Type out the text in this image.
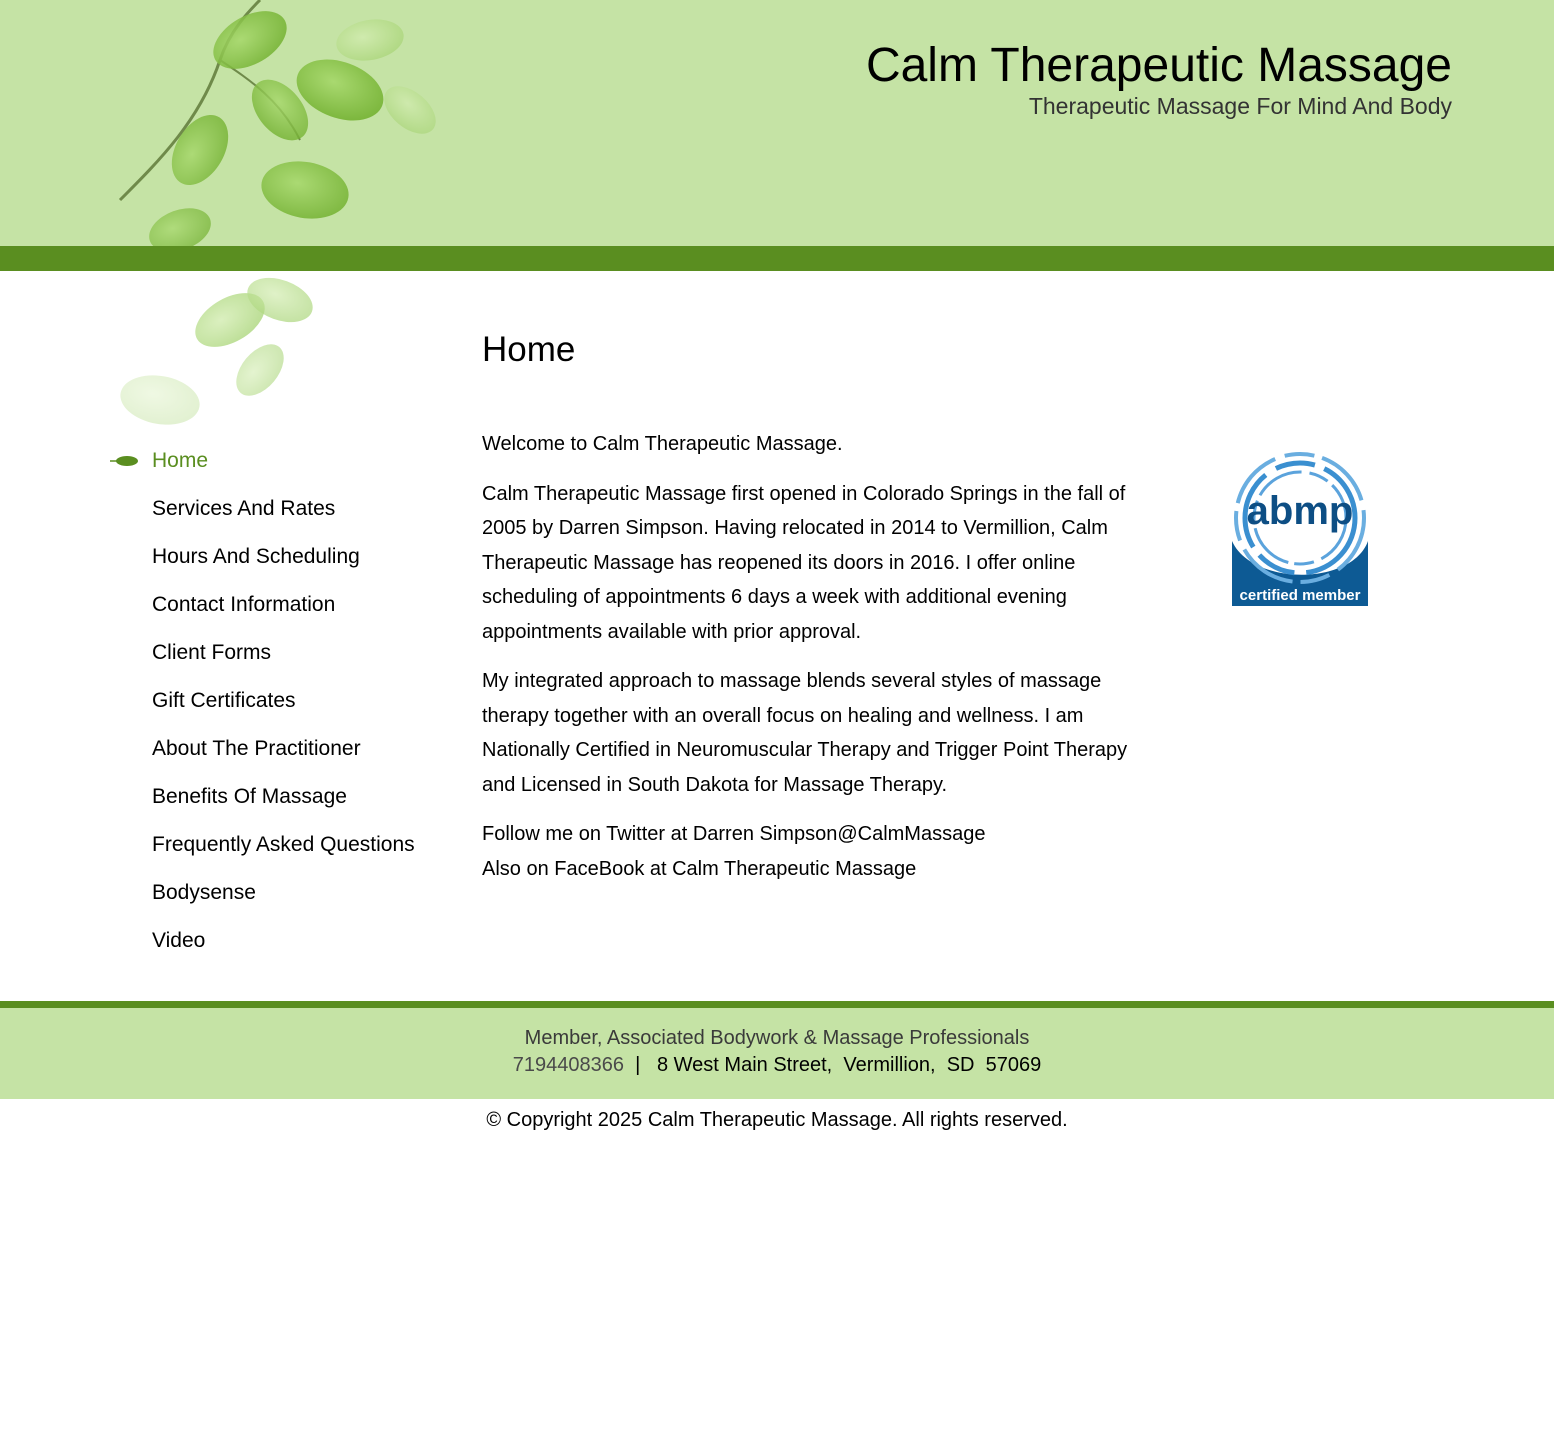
Calm Therapeutic Massage
Therapeutic Massage For Mind And Body
Home
Services And Rates
Hours And Scheduling
Contact Information
Client Forms
Gift Certificates
About The Practitioner
Benefits Of Massage
Frequently Asked Questions
Bodysense
Video
Home

Welcome to Calm Therapeutic Massage.

Calm Therapeutic Massage first opened in Colorado Springs in the fall of 2005 by Darren Simpson. Having relocated in 2014 to Vermillion, Calm Therapeutic Massage has reopened its doors in 2016. I offer online scheduling of appointments 6 days a week with additional evening appointments available with prior approval.

My integrated approach to massage blends several styles of massage therapy together with an overall focus on healing and wellness. I am Nationally Certified in Neuromuscular Therapy and Trigger Point Therapy and Licensed in South Dakota for Massage Therapy.

Follow me on Twitter at Darren Simpson@CalmMassage
Also on FaceBook at Calm Therapeutic Massage

abmp
certified member
Member, Associated Bodywork & Massage Professionals
7194408366 | 8 West Main Street,  Vermillion,  SD  57069
© Copyright 2025 Calm Therapeutic Massage. All rights reserved.
